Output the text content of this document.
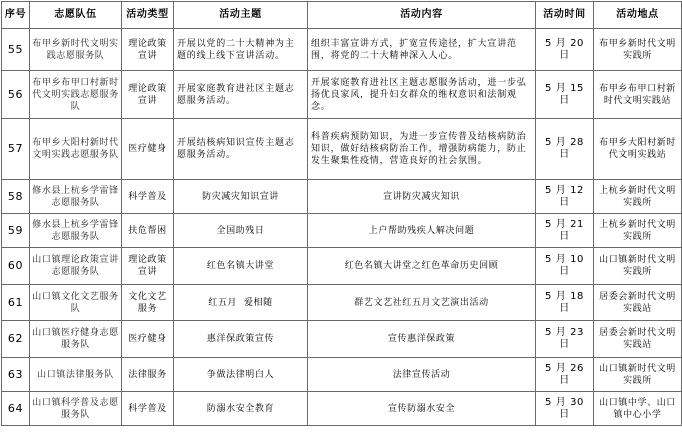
序号	志愿队伍	活动类型	活动主题	活动内容	活动时间	活动地点
55	布甲乡新时代文明实践志愿服务队	理论政策宣讲	开展以党的二十大精神为主题的线上线下宣讲活动。	组织丰富宣讲方式，扩宽宣传途径，扩大宣讲范围，将党的二十大精神深入人心。	5 月 20 日	布甲乡新时代文明实践所
56	布甲乡布甲口村新时代文明实践志愿服务队	理论政策宣讲	开展家庭教育进社区主题志愿服务活动。	开展家庭教育进社区主题志愿服务活动，进一步弘扬优良家风，提升妇女群众的维权意识和法制观念。	5 月 15 日	布甲乡布甲口村新时代文明实践站
57	布甲乡大阳村新时代文明实践志愿服务队	医疗健身	开展结核病知识宣传主题志愿服务活动。	科普疾病预防知识，为进一步宣传普及结核病防治知识，做好结核病防治工作，增强防病能力，防止发生聚集性疫情，营造良好的社会氛围。	5 月 28 日	布甲乡大阳村新时代文明实践站
58	修水县上杭乡学雷锋志愿服务队	科学普及	防灾减灾知识宣讲	宣讲防灾减灾知识	5 月 12 日	上杭乡新时代文明实践所
59	修水县上杭乡学雷锋志愿服务队	扶危帮困	全国助残日	上户帮助残疾人解决问题	5 月 21 日	上杭乡新时代文明实践所
60	山口镇理论政策宣讲志愿服务队	理论政策宣讲	红色名镇大讲堂	红色名镇大讲堂之红色革命历史回顾	5 月 10 日	山口镇新时代文明实践所
61	山口镇文化文艺服务队	文化文艺服务	红五月  爱相随	群艺文艺社红五月文艺演出活动	5 月 18 日	居委会新时代文明实践站
62	山口镇医疗健身志愿服务队	医疗健身	惠洋保政策宣传	宣传惠洋保政策	5 月 23 日	居委会新时代文明实践站
63	山口镇法律服务队	法律服务	争做法律明白人	法律宣传活动	5 月 26 日	山口镇新时代文明实践所
64	山口镇科学普及志愿服务队	科学普及	防溺水安全教育	宣传防溺水安全	5 月 30 日	山口镇中学、山口镇中心小学
